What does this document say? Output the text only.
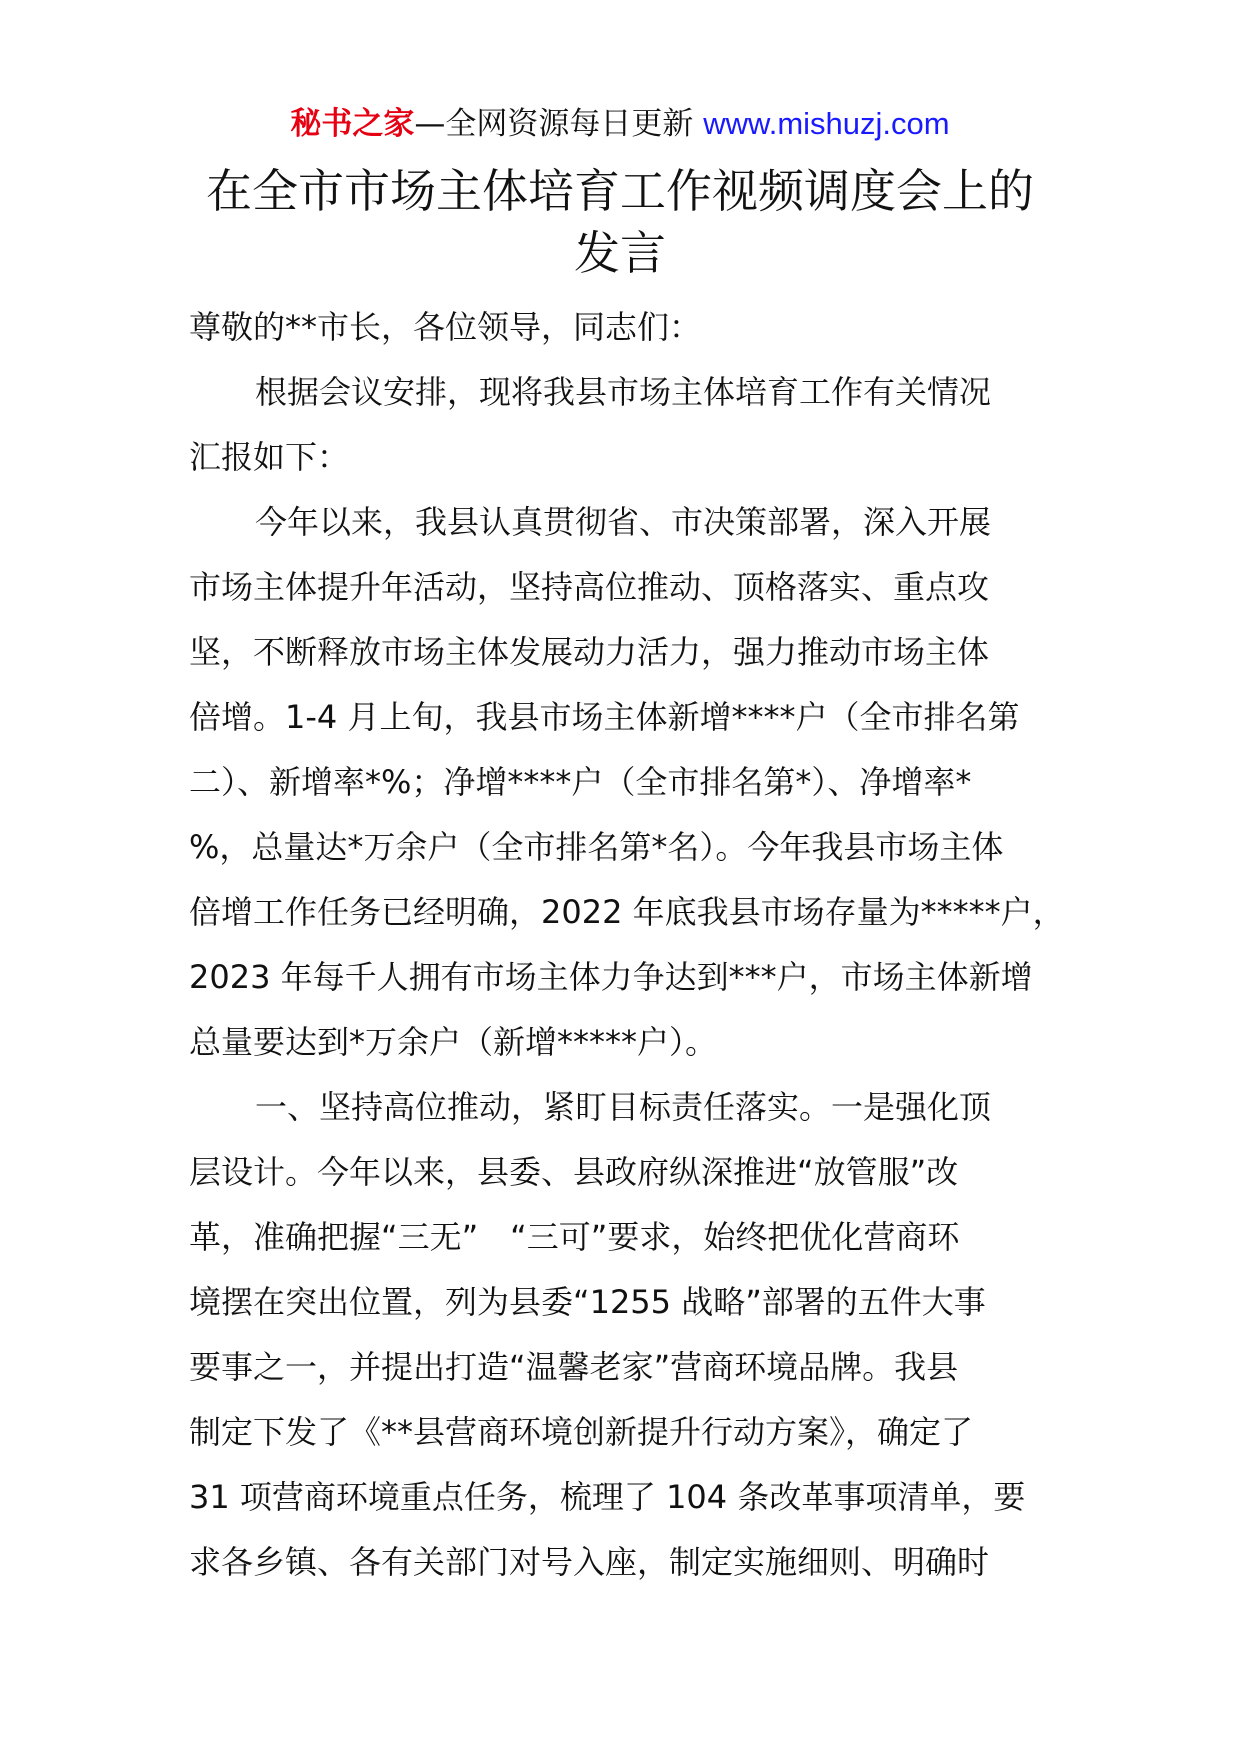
秘书之家—全网资源每日更新 www.mishuzj.com
在全市市场主体培育工作视频调度会上的
发言
尊敬的**市长，各位领导，同志们：
根据会议安排，现将我县市场主体培育工作有关情况
汇报如下：
今年以来，我县认真贯彻省、市决策部署，深入开展
市场主体提升年活动，坚持高位推动、顶格落实、重点攻
坚，不断释放市场主体发展动力活力，强力推动市场主体
倍增。1-4 月上旬，我县市场主体新增****户（全市排名第
二）、新增率*%；净增****户（全市排名第*）、净增率*
%，总量达*万余户（全市排名第*名）。今年我县市场主体
倍增工作任务已经明确，2022 年底我县市场存量为*****户，
2023 年每千人拥有市场主体力争达到***户，市场主体新增
总量要达到*万余户（新增*****户）。
一、坚持高位推动，紧盯目标责任落实。一是强化顶
层设计。今年以来，县委、县政府纵深推进“放管服”改
革，准确把握“三无”　“三可”要求，始终把优化营商环
境摆在突出位置，列为县委“1255 战略”部署的五件大事
要事之一，并提出打造“温馨老家”营商环境品牌。我县
制定下发了《**县营商环境创新提升行动方案》，确定了
31 项营商环境重点任务，梳理了 104 条改革事项清单，要
求各乡镇、各有关部门对号入座，制定实施细则、明确时
